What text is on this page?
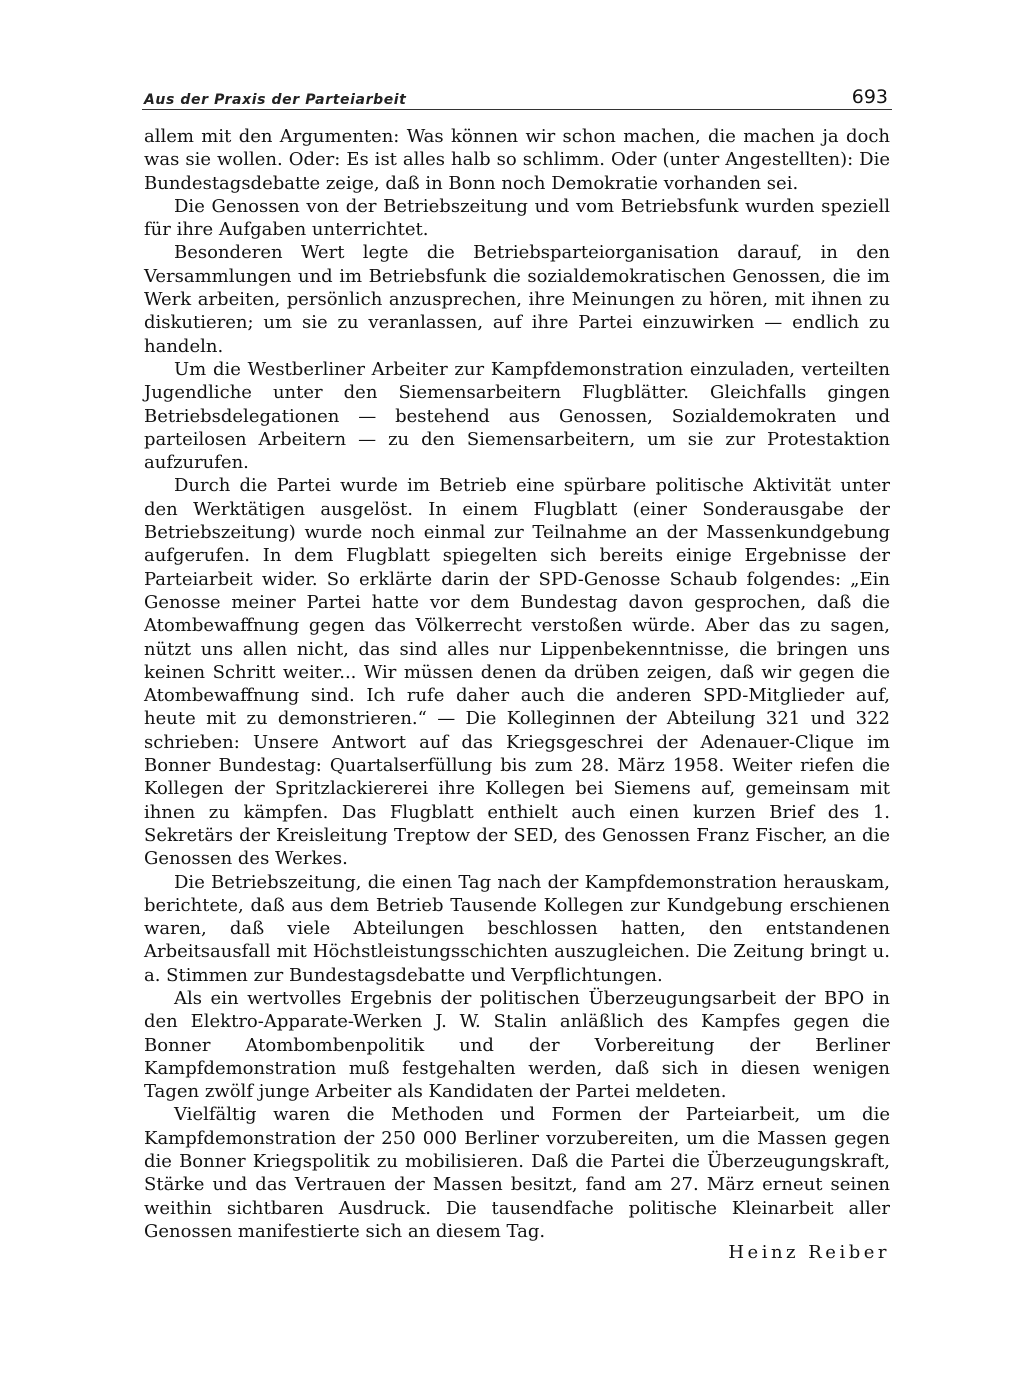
Aus der Praxis der Parteiarbeit	693

allem mit den Argumenten: Was können wir schon machen, die machen ja doch was sie wollen. Oder: Es ist alles halb so schlimm. Oder (unter Angestellten): Die Bundestagsdebatte zeige, daß in Bonn noch Demokratie vorhanden sei.

Die Genossen von der Betriebszeitung und vom Betriebsfunk wurden speziell für ihre Aufgaben unterrichtet.

Besonderen Wert legte die Betriebsparteiorganisation darauf, in den Versammlungen und im Betriebsfunk die sozialdemokratischen Genossen, die im Werk arbeiten, persönlich anzusprechen, ihre Meinungen zu hören, mit ihnen zu diskutieren; um sie zu veranlassen, auf ihre Partei einzuwirken — endlich zu handeln.

Um die Westberliner Arbeiter zur Kampfdemonstration einzuladen, verteilten Jugendliche unter den Siemensarbeitern Flugblätter. Gleichfalls gingen Betriebsdelegationen — bestehend aus Genossen, Sozialdemokraten und parteilosen Arbeitern — zu den Siemensarbeitern, um sie zur Protestaktion aufzurufen.

Durch die Partei wurde im Betrieb eine spürbare politische Aktivität unter den Werktätigen ausgelöst. In einem Flugblatt (einer Sonderausgabe der Betriebszeitung) wurde noch einmal zur Teilnahme an der Massenkundgebung aufgerufen. In dem Flugblatt spiegelten sich bereits einige Ergebnisse der Parteiarbeit wider. So erklärte darin der SPD-Genosse Schaub folgendes: „Ein Genosse meiner Partei hatte vor dem Bundestag davon gesprochen, daß die Atombewaffnung gegen das Völkerrecht verstoßen würde. Aber das zu sagen, nützt uns allen nicht, das sind alles nur Lippenbekenntnisse, die bringen uns keinen Schritt weiter... Wir müssen denen da drüben zeigen, daß wir gegen die Atombewaffnung sind. Ich rufe daher auch die anderen SPD-Mitglieder auf, heute mit zu demonstrieren.“ — Die Kolleginnen der Abteilung 321 und 322 schrieben: Unsere Antwort auf das Kriegsgeschrei der Adenauer-Clique im Bonner Bundestag: Quartalserfüllung bis zum 28. März 1958. Weiter riefen die Kollegen der Spritzlackiererei ihre Kollegen bei Siemens auf, gemeinsam mit ihnen zu kämpfen. Das Flugblatt enthielt auch einen kurzen Brief des 1. Sekretärs der Kreisleitung Treptow der SED, des Genossen Franz Fischer, an die Genossen des Werkes.

Die Betriebszeitung, die einen Tag nach der Kampfdemonstration herauskam, berichtete, daß aus dem Betrieb Tausende Kollegen zur Kundgebung erschienen waren, daß viele Abteilungen beschlossen hatten, den entstandenen Arbeitsausfall mit Höchstleistungsschichten auszugleichen. Die Zeitung bringt u. a. Stimmen zur Bundestagsdebatte und Verpflichtungen.

Als ein wertvolles Ergebnis der politischen Überzeugungsarbeit der BPO in den Elektro-Apparate-Werken J. W. Stalin anläßlich des Kampfes gegen die Bonner Atombombenpolitik und der Vorbereitung der Berliner Kampfdemonstration muß festgehalten werden, daß sich in diesen wenigen Tagen zwölf junge Arbeiter als Kandidaten der Partei meldeten.

Vielfältig waren die Methoden und Formen der Parteiarbeit, um die Kampfdemonstration der 250 000 Berliner vorzubereiten, um die Massen gegen die Bonner Kriegspolitik zu mobilisieren. Daß die Partei die Überzeugungskraft, Stärke und das Vertrauen der Massen besitzt, fand am 27. März erneut seinen weithin sichtbaren Ausdruck. Die tausendfache politische Kleinarbeit aller Genossen manifestierte sich an diesem Tag.

Heinz Reiber
